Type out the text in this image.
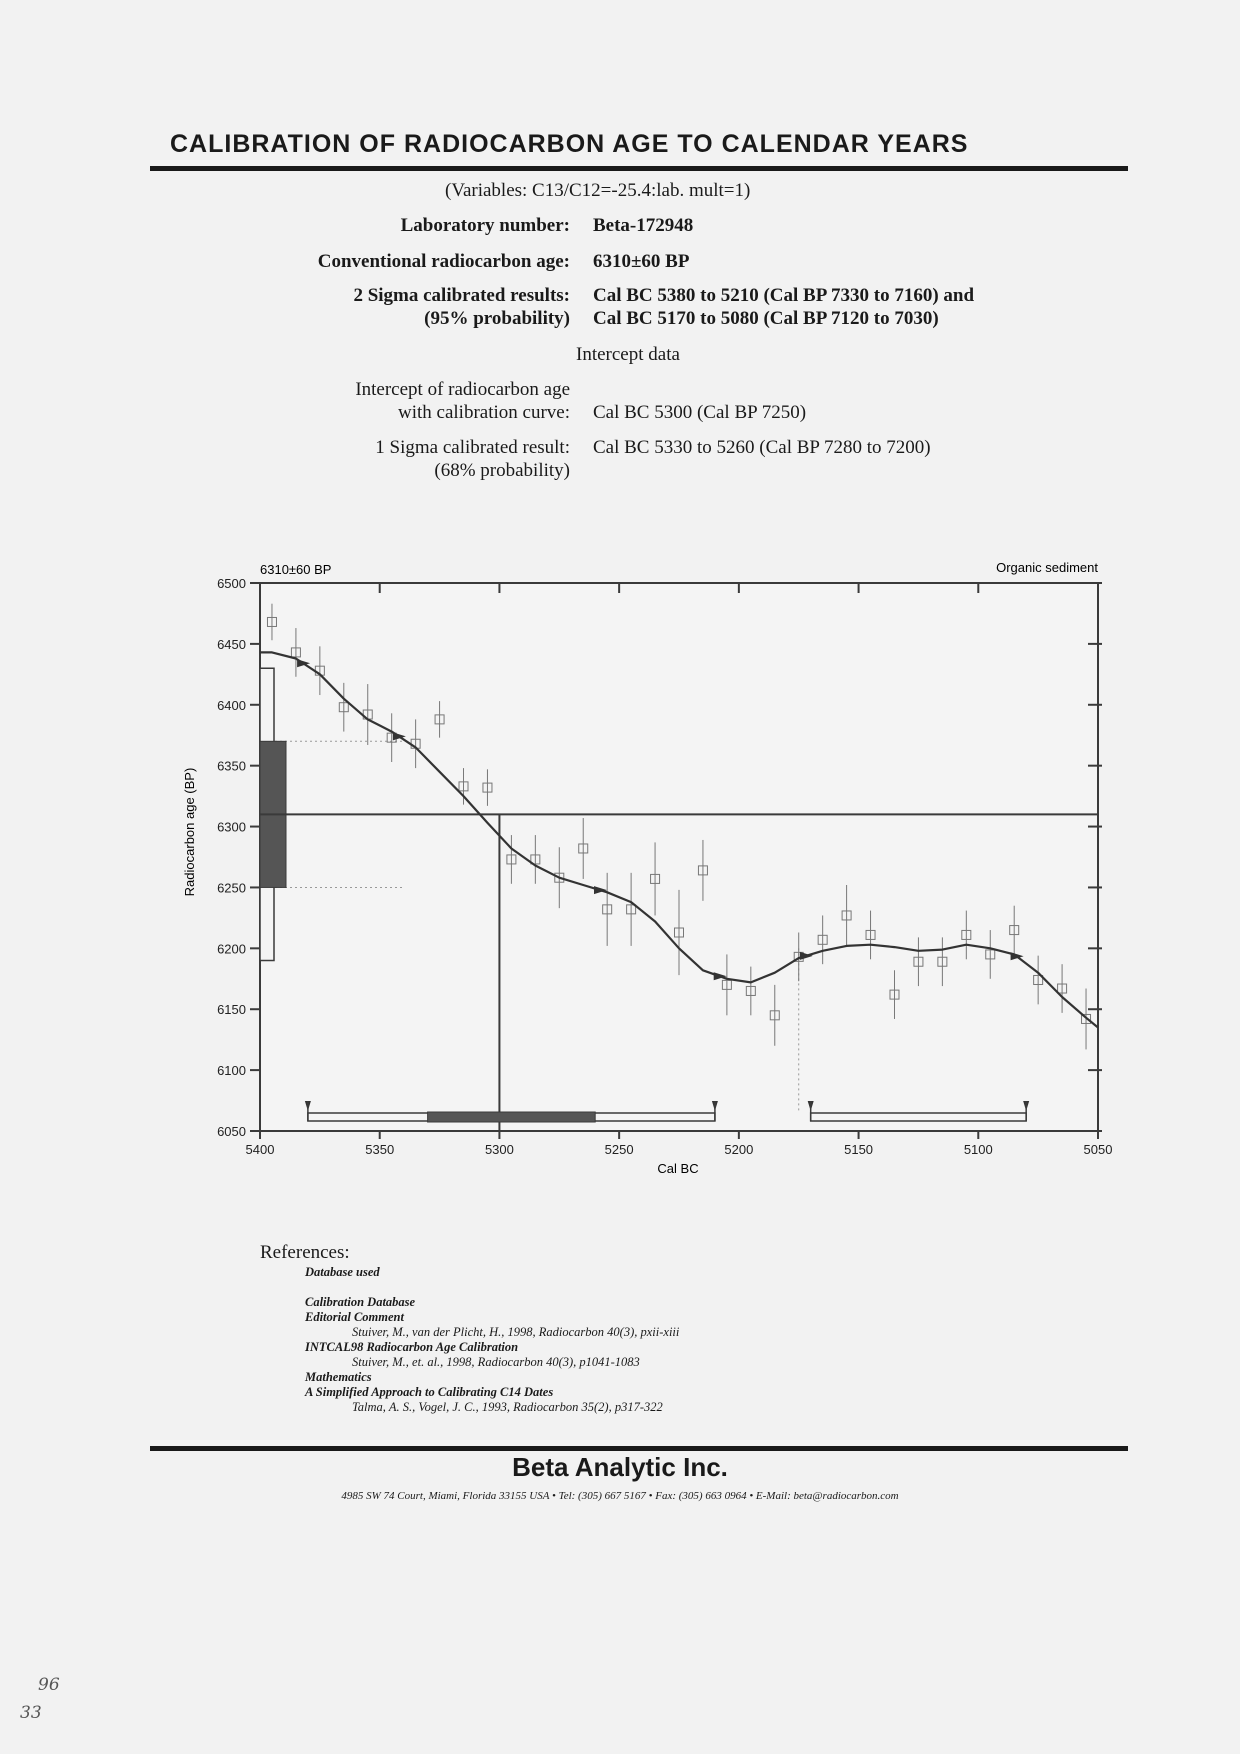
CALIBRATION OF RADIOCARBON AGE TO CALENDAR YEARS
(Variables: C13/C12=-25.4:lab. mult=1)
Laboratory number: Beta-172948
Conventional radiocarbon age: 6310±60 BP
2 Sigma calibrated results:
(95% probability)
Cal BC 5380 to 5210 (Cal BP 7330 to 7160) and
Cal BC 5170 to 5080 (Cal BP 7120 to 7030)
Intercept data
Intercept of radiocarbon age
with calibration curve: Cal BC 5300 (Cal BP 7250)
1 Sigma calibrated result:
(68% probability)
Cal BC 5330 to 5260 (Cal BP 7280 to 7200)
6050
6100
6150
6200
6250
6300
6350
6400
6450
6500
5400	5350	5300	5250	5200	5150	5100	5050
6310±60 BP	Organic sediment
Cal BC
Radiocarbon age (BP)
References:
Database used
Calibration Database
Editorial Comment
Stuiver, M., van der Plicht, H., 1998, Radiocarbon 40(3), pxii-xiii
INTCAL98 Radiocarbon Age Calibration
Stuiver, M., et. al., 1998, Radiocarbon 40(3), p1041-1083
Mathematics
A Simplified Approach to Calibrating C14 Dates
Talma, A. S., Vogel, J. C., 1993, Radiocarbon 35(2), p317-322
Beta Analytic Inc.
4985 SW 74 Court, Miami, Florida 33155 USA • Tel: (305) 667 5167 • Fax: (305) 663 0964 • E-Mail: beta@radiocarbon.com
96
33
